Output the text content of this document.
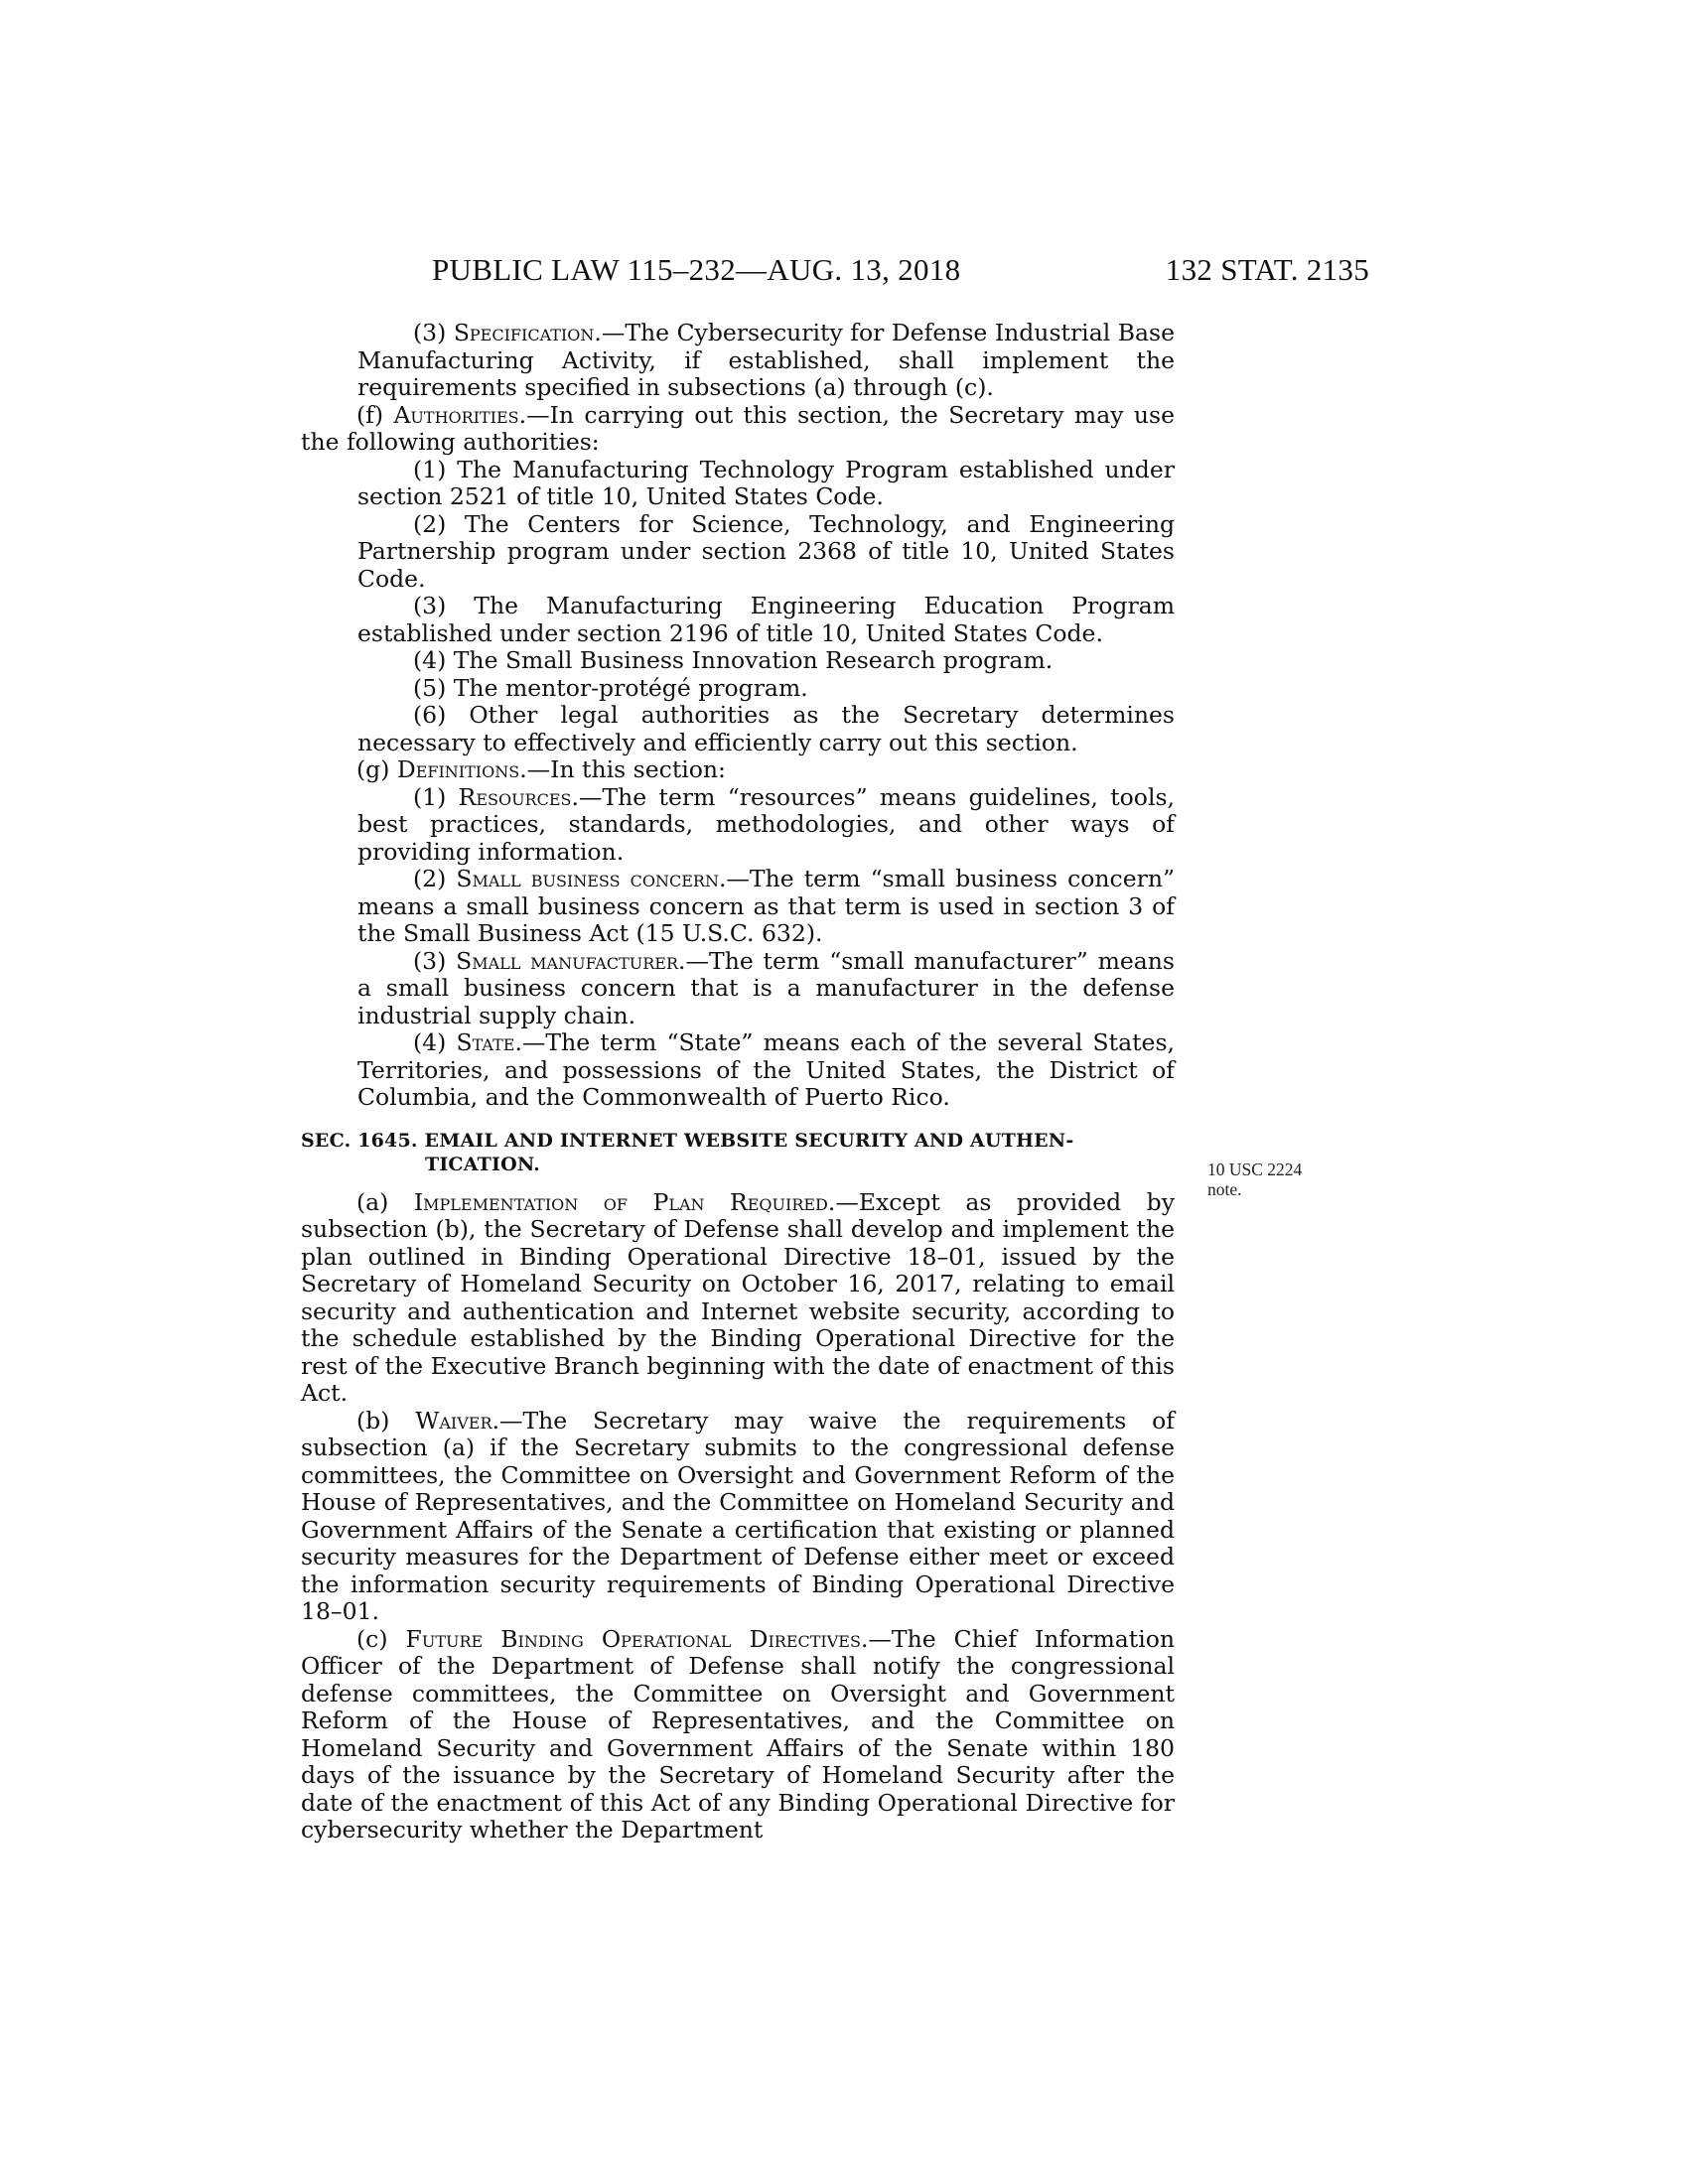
PUBLIC LAW 115–232—AUG. 13, 2018	132 STAT. 2135
10 USC 2224
note.

(3) Specification.—The Cybersecurity for Defense Industrial Base Manufacturing Activity, if established, shall implement the requirements specified in subsections (a) through (c).

(f) Authorities.—In carrying out this section, the Secretary may use the following authorities:

(1) The Manufacturing Technology Program established under section 2521 of title 10, United States Code.

(2) The Centers for Science, Technology, and Engineering Partnership program under section 2368 of title 10, United States Code.

(3) The Manufacturing Engineering Education Program established under section 2196 of title 10, United States Code.

(4) The Small Business Innovation Research program.

(5) The mentor-protégé program.

(6) Other legal authorities as the Secretary determines necessary to effectively and efficiently carry out this section.

(g) Definitions.—In this section:

(1) Resources.—The term “resources” means guidelines, tools, best practices, standards, methodologies, and other ways of providing information.

(2) Small business concern.—The term “small business concern” means a small business concern as that term is used in section 3 of the Small Business Act (15 U.S.C. 632).

(3) Small manufacturer.—The term “small manufacturer” means a small business concern that is a manufacturer in the defense industrial supply chain.

(4) State.—The term “State” means each of the several States, Territories, and possessions of the United States, the District of Columbia, and the Commonwealth of Puerto Rico.

SEC. 1645. EMAIL AND INTERNET WEBSITE SECURITY AND AUTHEN-
TICATION.

(a) Implementation of Plan Required.—Except as provided by subsection (b), the Secretary of Defense shall develop and implement the plan outlined in Binding Operational Directive 18–01, issued by the Secretary of Homeland Security on October 16, 2017, relating to email security and authentication and Internet website security, according to the schedule established by the Binding Operational Directive for the rest of the Executive Branch beginning with the date of enactment of this Act.

(b) Waiver.—The Secretary may waive the requirements of subsection (a) if the Secretary submits to the congressional defense committees, the Committee on Oversight and Government Reform of the House of Representatives, and the Committee on Homeland Security and Government Affairs of the Senate a certification that existing or planned security measures for the Department of Defense either meet or exceed the information security requirements of Binding Operational Directive 18–01.

(c) Future Binding Operational Directives.—The Chief Information Officer of the Department of Defense shall notify the congressional defense committees, the Committee on Oversight and Government Reform of the House of Representatives, and the Committee on Homeland Security and Government Affairs of the Senate within 180 days of the issuance by the Secretary of Homeland Security after the date of the enactment of this Act of any Binding Operational Directive for cybersecurity whether the Department
